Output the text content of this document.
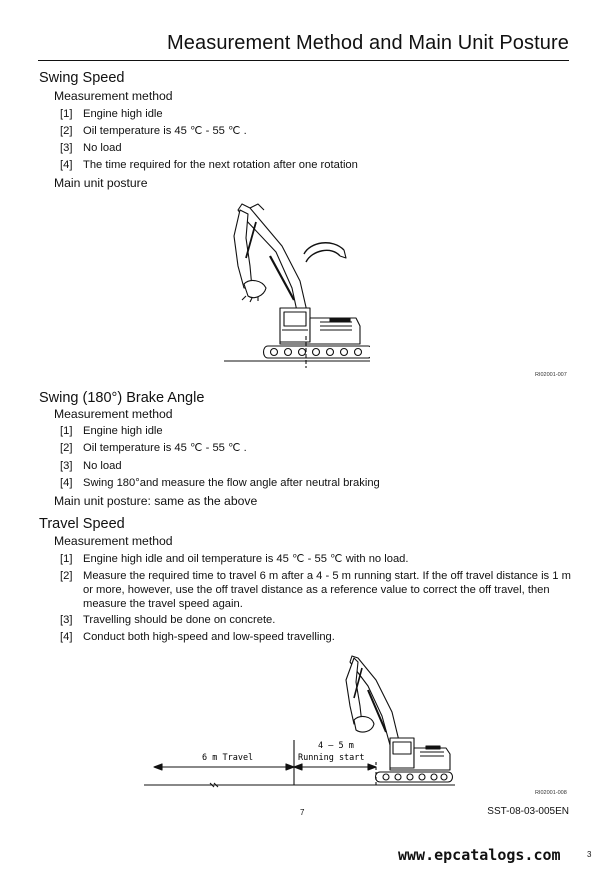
Measurement Method and Main Unit Posture
Swing Speed
Measurement method
[1] Engine high idle
[2] Oil temperature is 45 ℃ - 55 ℃ .
[3] No load
[4] The time required for the next rotation after one rotation
Main unit posture
RI02001-007
Swing (180°) Brake Angle
Measurement method
[1] Engine high idle
[2] Oil temperature is 45 ℃ - 55 ℃ .
[3] No load
[4] Swing 180°and measure the flow angle after neutral braking
Main unit posture: same as the above
Travel Speed
Measurement method
[1] Engine high idle and oil temperature is 45 ℃ - 55 ℃ with no load.
[2] Measure the required time to travel 6 m after a 4 - 5 m running start. If the off travel distance is 1 m or more, however, use the off travel distance as a reference value to correct the off travel, then measure the travel speed again.
[3] Travelling should be done on concrete.
[4] Conduct both high-speed and low-speed travelling.
6 m Travel
4 — 5 m
Running start
RI02001-008
7	SST-08-03-005EN
www.epcatalogs.com	3
